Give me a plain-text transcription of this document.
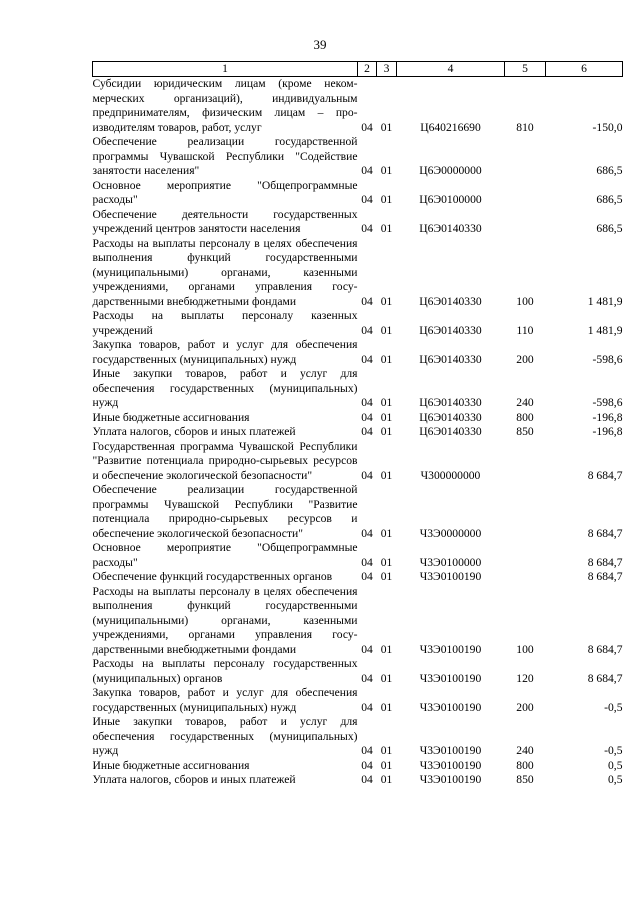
39
1	2	3	4	5	6
Субсидии юридическим лицам (кроме некоммерческих организаций), индивидуальным предпринимателям, физическим лицам – производителям товаров, работ, услуг	04	01	Ц640216690	810	-150,0
Обеспечение реализации государственной программы Чувашской Республики "Содействие занятости населения"	04	01	Ц6Э0000000		686,5
Основное мероприятие "Общепрограммные расходы"	04	01	Ц6Э0100000		686,5
Обеспечение деятельности государственных учреждений центров занятости населения	04	01	Ц6Э0140330		686,5
Расходы на выплаты персоналу в целях обеспечения выполнения функций государственными (муниципальными) органами, казенными учреждениями, органами управления государственными внебюджетными фондами	04	01	Ц6Э0140330	100	1 481,9
Расходы на выплаты персоналу казенных учреждений	04	01	Ц6Э0140330	110	1 481,9
Закупка товаров, работ и услуг для обеспечения государственных (муниципальных) нужд	04	01	Ц6Э0140330	200	-598,6
Иные закупки товаров, работ и услуг для обеспечения государственных (муниципальных) нужд	04	01	Ц6Э0140330	240	-598,6
Иные бюджетные ассигнования	04	01	Ц6Э0140330	800	-196,8
Уплата налогов, сборов и иных платежей	04	01	Ц6Э0140330	850	-196,8
Государственная программа Чувашской Республики "Развитие потенциала природно-сырьевых ресурсов и обеспечение экологической безопасности"	04	01	Ч300000000		8 684,7
Обеспечение реализации государственной программы Чувашской Республики "Развитие потенциала природно-сырьевых ресурсов и обеспечение экологической безопасности"	04	01	Ч3Э0000000		8 684,7
Основное мероприятие "Общепрограммные расходы"	04	01	Ч3Э0100000		8 684,7
Обеспечение функций государственных органов	04	01	Ч3Э0100190		8 684,7
Расходы на выплаты персоналу в целях обеспечения выполнения функций государственными (муниципальными) органами, казенными учреждениями, органами управления государственными внебюджетными фондами	04	01	Ч3Э0100190	100	8 684,7
Расходы на выплаты персоналу государственных (муниципальных) органов	04	01	Ч3Э0100190	120	8 684,7
Закупка товаров, работ и услуг для обеспечения государственных (муниципальных) нужд	04	01	Ч3Э0100190	200	-0,5
Иные закупки товаров, работ и услуг для обеспечения государственных (муниципальных) нужд	04	01	Ч3Э0100190	240	-0,5
Иные бюджетные ассигнования	04	01	Ч3Э0100190	800	0,5
Уплата налогов, сборов и иных платежей	04	01	Ч3Э0100190	850	0,5
